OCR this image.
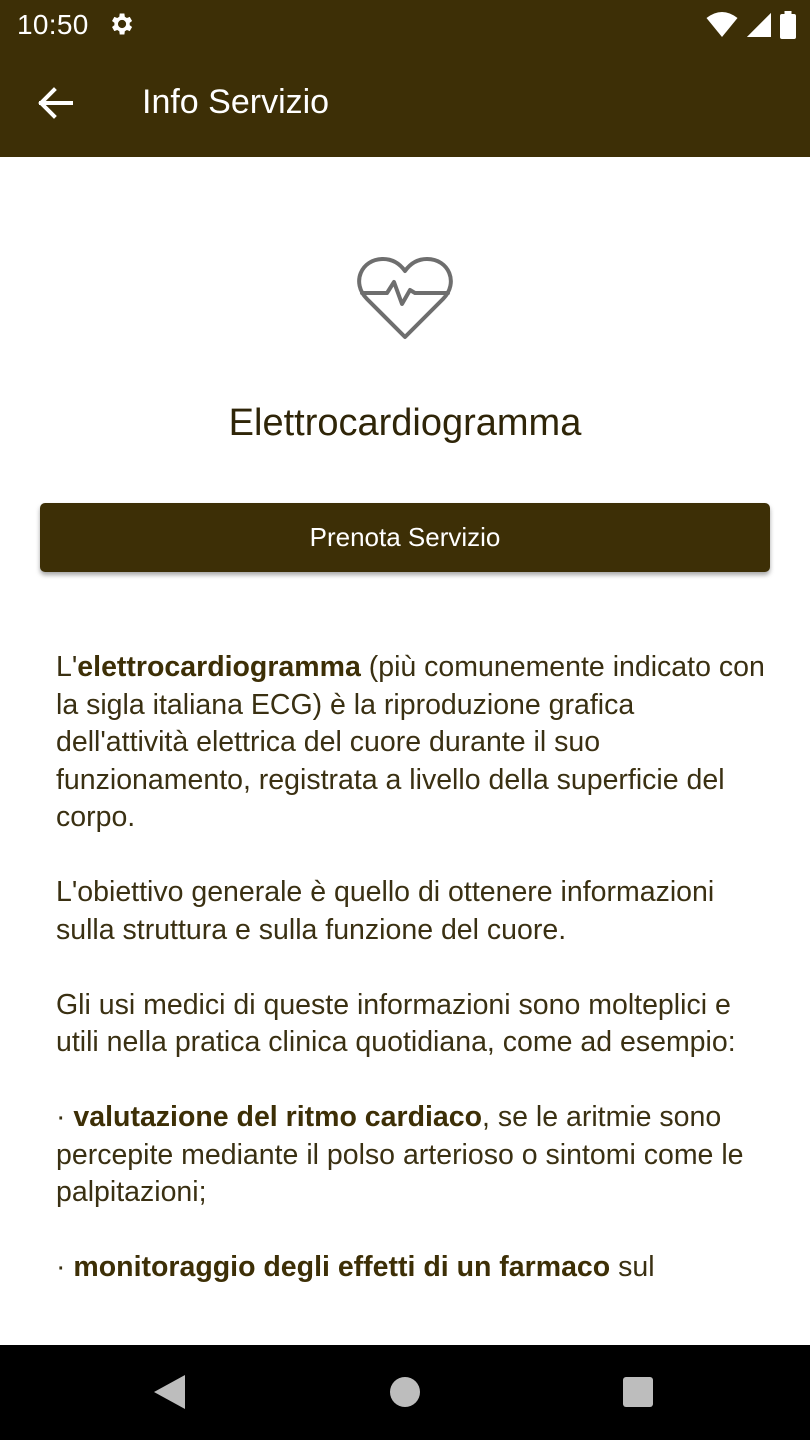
10:50
Info Servizio
Elettrocardiogramma
Prenota Servizio

L'elettrocardiogramma (più comunemente indicato con la sigla italiana ECG) è la riproduzione grafica dell'attività elettrica del cuore durante il suo funzionamento, registrata a livello della superficie del corpo.

L'obiettivo generale è quello di ottenere informazioni sulla struttura e sulla funzione del cuore.

Gli usi medici di queste informazioni sono molteplici e utili nella pratica clinica quotidiana, come ad esempio:

· valutazione del ritmo cardiaco, se le aritmie sono percepite mediante il polso arterioso o sintomi come le palpitazioni;

· monitoraggio degli effetti di un farmaco sul
